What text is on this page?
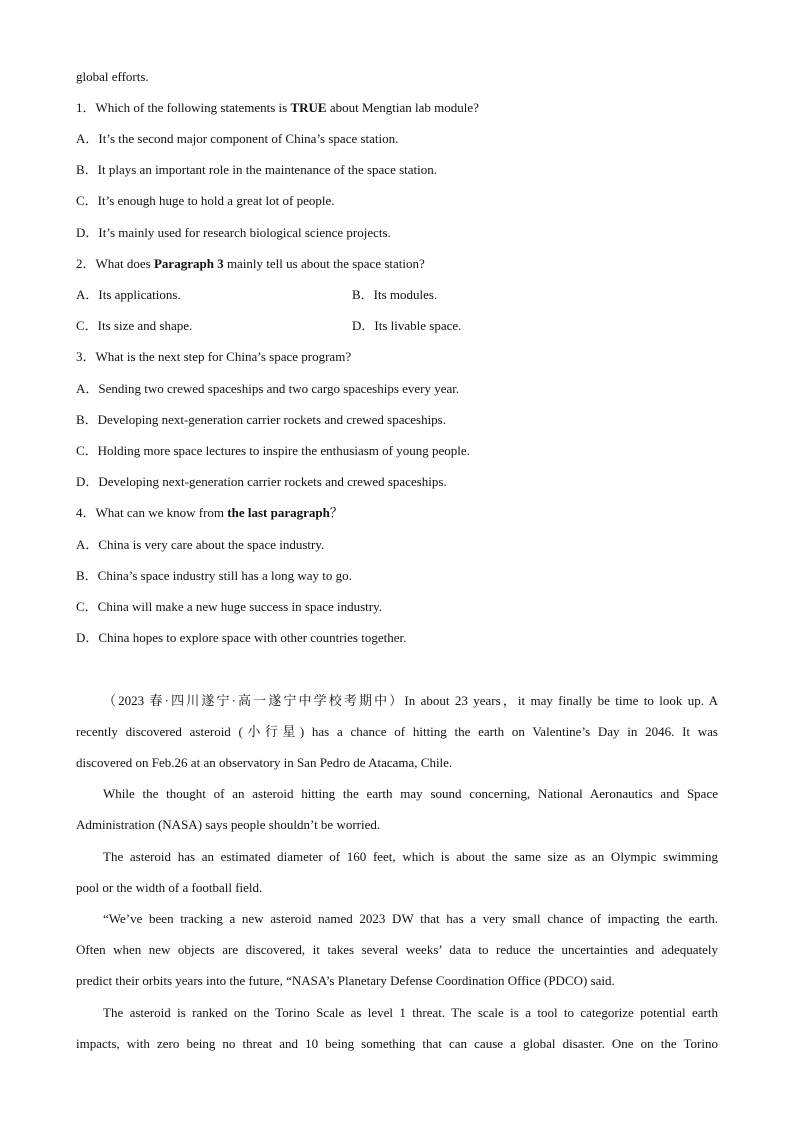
global efforts.
1．Which of the following statements is TRUE about Mengtian lab module?
A．It’s the second major component of China’s space station.
B．It plays an important role in the maintenance of the space station.
C．It’s enough huge to hold a great lot of people.
D．It’s mainly used for research biological science projects.
2．What does Paragraph 3 mainly tell us about the space station?
A．Its applications.	B．Its modules.
C．Its size and shape.	D．Its livable space.
3．What is the next step for China’s space program?
A．Sending two crewed spaceships and two cargo spaceships every year.
B．Developing next-generation carrier rockets and crewed spaceships.
C．Holding more space lectures to inspire the enthusiasm of young people.
D．Developing next-generation carrier rockets and crewed spaceships.
4．What can we know from the last paragraph？
A．China is very care about the space industry.
B．China’s space industry still has a long way to go.
C．China will make a new huge success in space industry.
D．China hopes to explore space with other countries together.
（2023 春·四川遂宁·高一遂宁中学校考期中）In about 23 years，it may finally be time to look up. A
recently discovered asteroid (小行星) has a chance of hitting the earth on Valentine’s Day in 2046. It was
discovered on Feb.26 at an observatory in San Pedro de Atacama, Chile.
While the thought of an asteroid hitting the earth may sound concerning, National Aeronautics and Space
Administration (NASA) says people shouldn’t be worried.
The asteroid has an estimated diameter of 160 feet, which is about the same size as an Olympic swimming
pool or the width of a football field.
“We’ve been tracking a new asteroid named 2023 DW that has a very small chance of impacting the earth.
Often when new objects are discovered, it takes several weeks’ data to reduce the uncertainties and adequately
predict their orbits years into the future, “NASA’s Planetary Defense Coordination Office (PDCO) said.
The asteroid is ranked on the Torino Scale as level 1 threat. The scale is a tool to categorize potential earth
impacts, with zero being no threat and 10 being something that can cause a global disaster. One on the Torino
